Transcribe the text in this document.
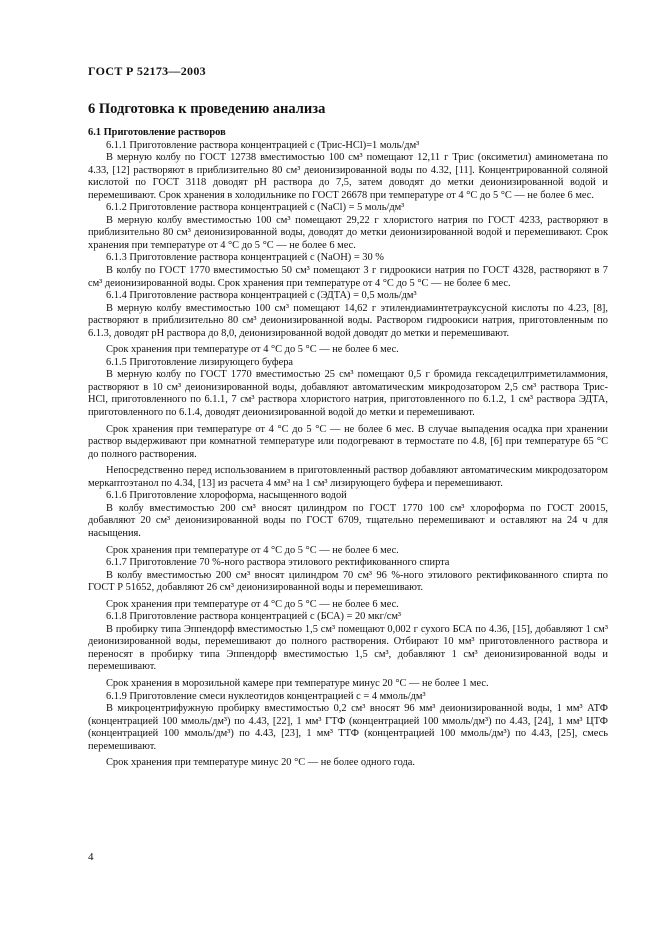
ГОСТ Р 52173—2003
6 Подготовка к проведению анализа

6.1 Приготовление растворов

6.1.1 Приготовление раствора концентрацией c (Трис-HCl)=1 моль/дм³

В мерную колбу по ГОСТ 12738 вместимостью 100 см³ помещают 12,11 г Трис (оксиметил) аминометана по 4.33, [12] растворяют в приблизительно 80 см³ деионизированной воды по 4.32, [11]. Концентрированной соляной кислотой по ГОСТ 3118 доводят pH раствора до 7,5, затем доводят до метки деионизированной водой и перемешивают. Срок хранения в холодильнике по ГОСТ 26678 при температуре от 4 °С до 5 °С — не более 6 мес.

6.1.2 Приготовление раствора концентрацией c (NaCl) = 5 моль/дм³

В мерную колбу вместимостью 100 см³ помещают 29,22 г хлористого натрия по ГОСТ 4233, растворяют в приблизительно 80 см³ деионизированной воды, доводят до метки деионизированной водой и перемешивают. Срок хранения при температуре от 4 °С до 5 °С — не более 6 мес.

6.1.3 Приготовление раствора концентрацией c (NaOH) = 30 %

В колбу по ГОСТ 1770 вместимостью 50 см³ помещают 3 г гидроокиси натрия по ГОСТ 4328, растворяют в 7 см³ деионизированной воды. Срок хранения при температуре от 4 °С до 5 °С — не более 6 мес.

6.1.4 Приготовление раствора концентрацией c (ЭДТА) = 0,5 моль/дм³

В мерную колбу вместимостью 100 см³ помещают 14,62 г этилендиаминтетрауксусной кислоты по 4.23, [8], растворяют в приблизительно 80 см³ деионизированной воды. Раствором гидроокиси натрия, приготовленным по 6.1.3, доводят pH раствора до 8,0, деионизированной водой доводят до метки и перемешивают.

Срок хранения при температуре от 4 °С до 5 °С — не более 6 мес.

6.1.5 Приготовление лизирующего буфера

В мерную колбу по ГОСТ 1770 вместимостью 25 см³ помещают 0,5 г бромида гексадецилтриметиламмония, растворяют в 10 см³ деионизированной воды, добавляют автоматическим микродозатором 2,5 см³ раствора Трис-HCl, приготовленного по 6.1.1, 7 см³ раствора хлористого натрия, приготовленного по 6.1.2, 1 см³ раствора ЭДТА, приготовленного по 6.1.4, доводят деионизированной водой до метки и перемешивают.

Срок хранения при температуре от 4 °С до 5 °С — не более 6 мес. В случае выпадения осадка при хранении раствор выдерживают при комнатной температуре или подогревают в термостате по 4.8, [6] при температуре 65 °С до полного растворения.

Непосредственно перед использованием в приготовленный раствор добавляют автоматическим микродозатором меркаптоэтанол по 4.34, [13] из расчета 4 мм³ на 1 см³ лизирующего буфера и перемешивают.

6.1.6 Приготовление хлороформа, насыщенного водой

В колбу вместимостью 200 см³ вносят цилиндром по ГОСТ 1770 100 см³ хлороформа по ГОСТ 20015, добавляют 20 см³ деионизированной воды по ГОСТ 6709, тщательно перемешивают и оставляют на 24 ч для насыщения.

Срок хранения при температуре от 4 °С до 5 °С — не более 6 мес.

6.1.7 Приготовление 70 %-ного раствора этилового ректификованного спирта

В колбу вместимостью 200 см³ вносят цилиндром 70 см³ 96 %-ного этилового ректификованного спирта по ГОСТ Р 51652, добавляют 26 см³ деионизированной воды и перемешивают.

Срок хранения при температуре от 4 °С до 5 °С — не более 6 мес.

6.1.8 Приготовление раствора концентрацией c (БСА) = 20 мкг/см³

В пробирку типа Эппендорф вместимостью 1,5 см³ помещают 0,002 г сухого БСА по 4.36, [15], добавляют 1 см³ деионизированной воды, перемешивают до полного растворения. Отбирают 10 мм³ приготовленного раствора и переносят в пробирку типа Эппендорф вместимостью 1,5 см³, добавляют 1 см³ деионизированной воды и перемешивают.

Срок хранения в морозильной камере при температуре минус 20 °С — не более 1 мес.

6.1.9 Приготовление смеси нуклеотидов концентрацией c = 4 ммоль/дм³

В микроцентрифужную пробирку вместимостью 0,2 см³ вносят 96 мм³ деионизированной воды, 1 мм³ АТФ (концентрацией 100 ммоль/дм³) по 4.43, [22], 1 мм³ ГТФ (концентрацией 100 ммоль/дм³) по 4.43, [24], 1 мм³ ЦТФ (концентрацией 100 ммоль/дм³) по 4.43, [23], 1 мм³ ТТФ (концентрацией 100 ммоль/дм³) по 4.43, [25], смесь перемешивают.

Срок хранения при температуре минус 20 °С — не более одного года.

4
